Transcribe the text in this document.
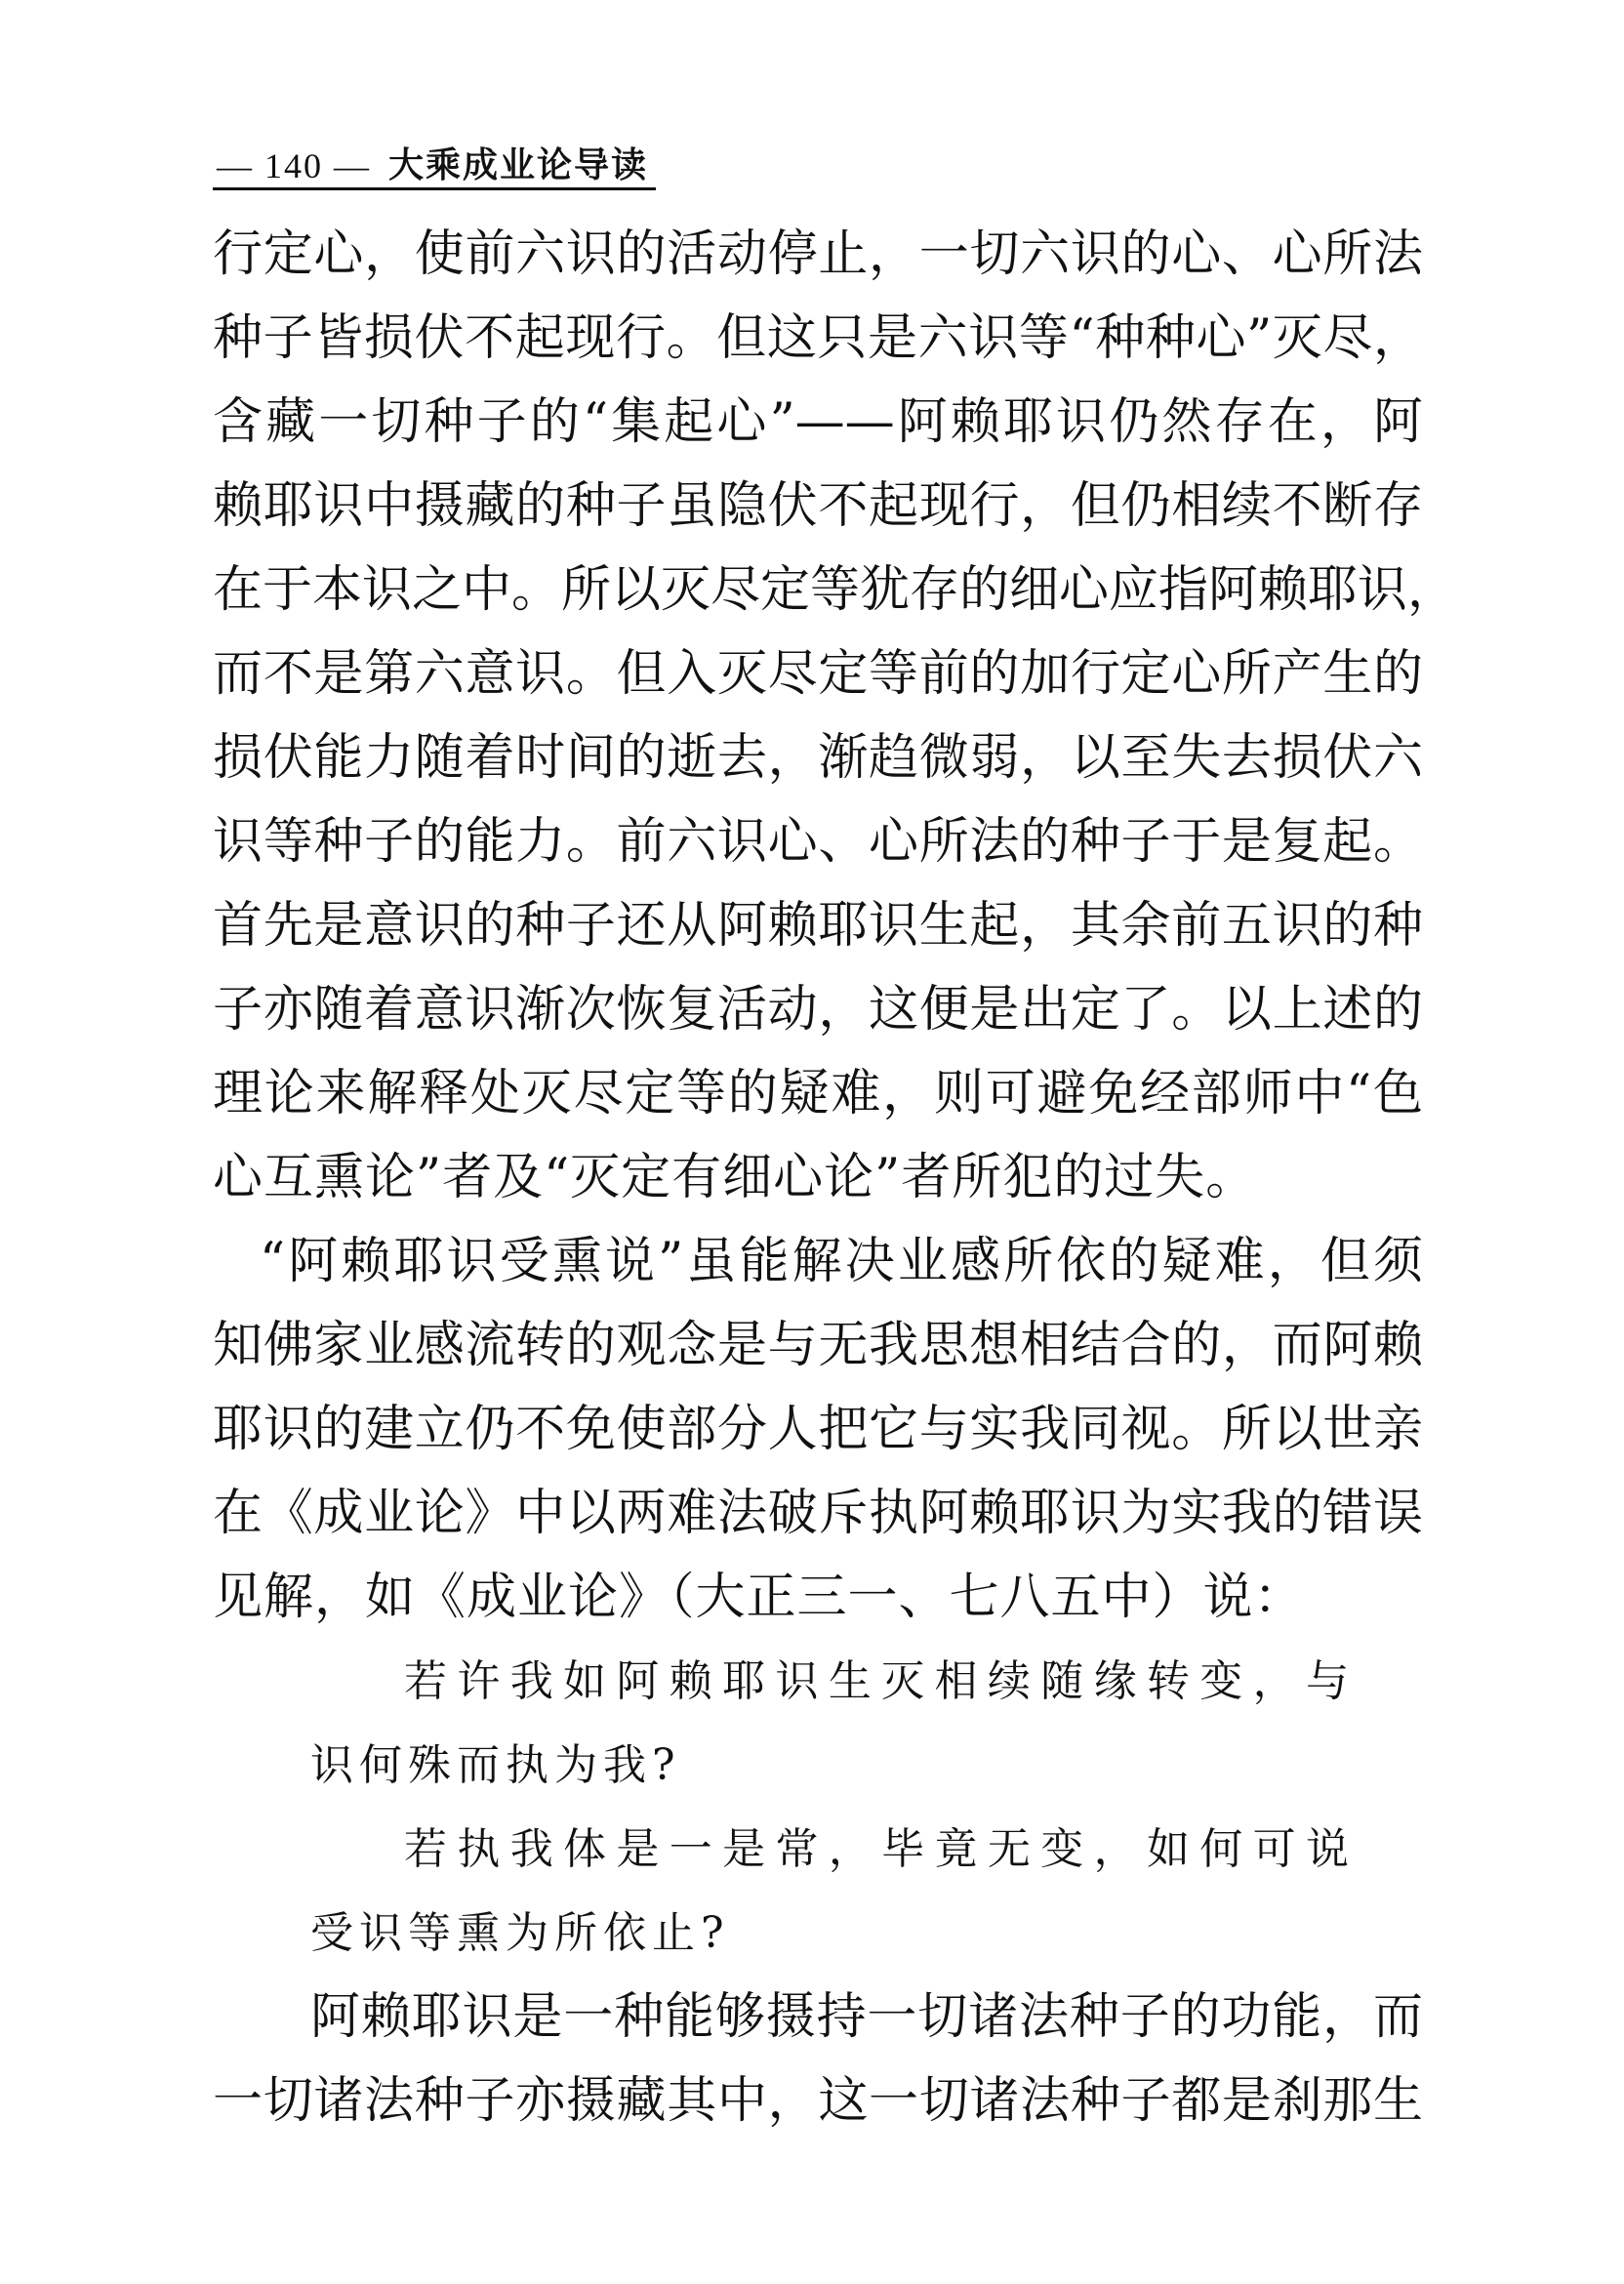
— 140 — 大乘成业论导读
行定心，使前六识的活动停止，一切六识的心、心所法
种子皆损伏不起现行。但这只是六识等“种种心”灭尽，
含藏一切种子的“集起心”——阿赖耶识仍然存在，阿
赖耶识中摄藏的种子虽隐伏不起现行，但仍相续不断存
在于本识之中。所以灭尽定等犹存的细心应指阿赖耶识，
而不是第六意识。但入灭尽定等前的加行定心所产生的
损伏能力随着时间的逝去，渐趋微弱，以至失去损伏六
识等种子的能力。前六识心、心所法的种子于是复起。
首先是意识的种子还从阿赖耶识生起，其余前五识的种
子亦随着意识渐次恢复活动，这便是出定了。以上述的
理论来解释处灭尽定等的疑难，则可避免经部师中“色
心互熏论”者及“灭定有细心论”者所犯的过失。
“阿赖耶识受熏说”虽能解决业感所依的疑难，但须
知佛家业感流转的观念是与无我思想相结合的，而阿赖
耶识的建立仍不免使部分人把它与实我同视。所以世亲
在《成业论》中以两难法破斥执阿赖耶识为实我的错误
见解，如《成业论》（大正三一、七八五中）说：
若许我如阿赖耶识生灭相续随缘转变，与
识何殊而执为我?
若执我体是一是常，毕竟无变，如何可说
受识等熏为所依止?
阿赖耶识是一种能够摄持一切诸法种子的功能，而
一切诸法种子亦摄藏其中，这一切诸法种子都是刹那生
